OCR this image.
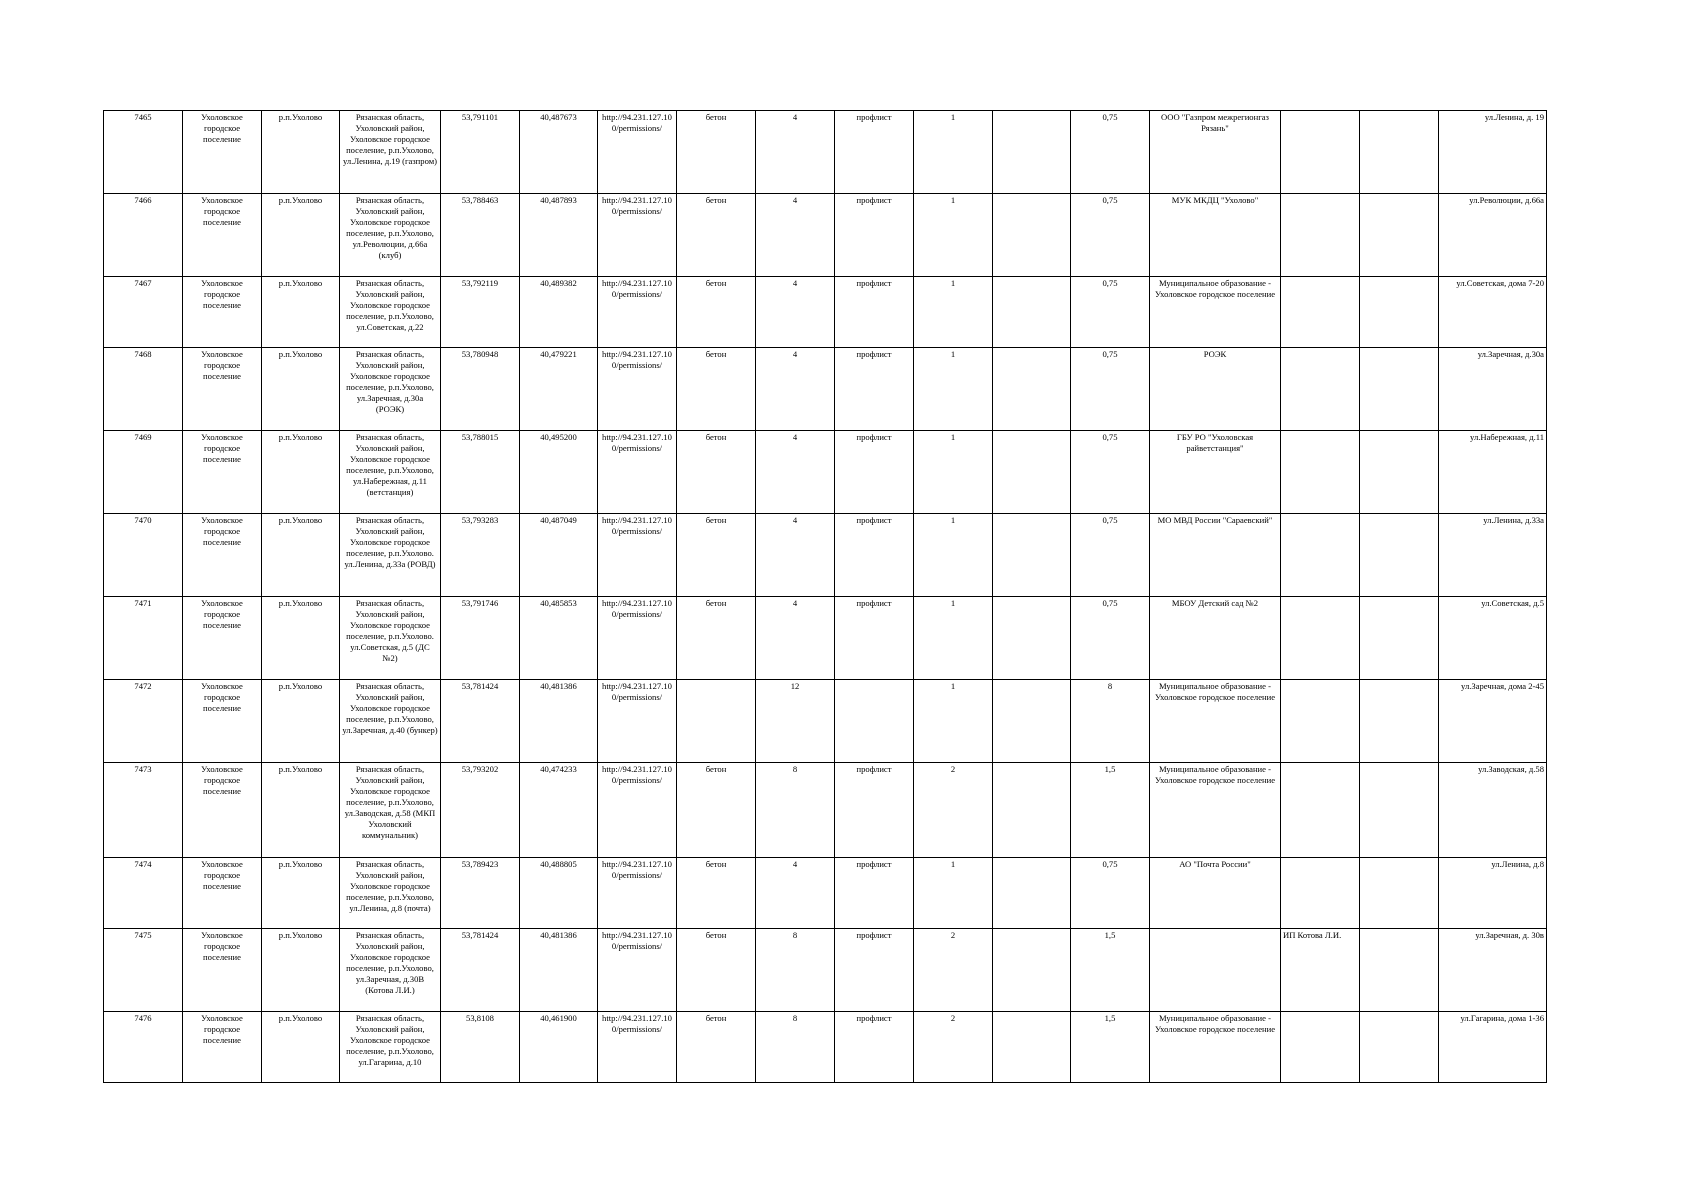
7465	Ухоловское городское поселение	р.п.Ухолово	Рязанская область, Ухоловский район, Ухоловское городское поселение, р.п.Ухолово, ул.Ленина, д.19 (газпром)	53,791101	40,487673	http://94.231.127.100/permissions/	бетон	4	профлист	1		0,75	ООО "Газпром межрегионгаз Рязань"			ул.Ленина, д. 19
7466	Ухоловское городское поселение	р.п.Ухолово	Рязанская область, Ухоловский район, Ухоловское городское поселение, р.п.Ухолово, ул.Революции, д.66а (клуб)	53,788463	40,487893	http://94.231.127.100/permissions/	бетон	4	профлист	1		0,75	МУК МКДЦ "Ухолово"			ул.Революции, д.66а
7467	Ухоловское городское поселение	р.п.Ухолово	Рязанская область, Ухоловский район, Ухоловское городское поселение, р.п.Ухолово, ул.Советская, д.22	53,792119	40,489382	http://94.231.127.100/permissions/	бетон	4	профлист	1		0,75	Муниципальное образование - Ухоловское городское поселение			ул.Советская, дома 7-20
7468	Ухоловское городское поселение	р.п.Ухолово	Рязанская область, Ухоловский район, Ухоловское городское поселение, р.п.Ухолово, ул.Заречная, д.30а (РОЭК)	53,780948	40,479221	http://94.231.127.100/permissions/	бетон	4	профлист	1		0,75	РОЭК			ул.Заречная, д.30а
7469	Ухоловское городское поселение	р.п.Ухолово	Рязанская область, Ухоловский район, Ухоловское городское поселение, р.п.Ухолово, ул.Набережная, д.11 (ветстанция)	53,788015	40,495200	http://94.231.127.100/permissions/	бетон	4	профлист	1		0,75	ГБУ РО "Ухоловская райветстанция"			ул.Набережная, д.11
7470	Ухоловское городское поселение	р.п.Ухолово	Рязанская область, Ухоловский район, Ухоловское городское поселение, р.п.Ухолово. ул.Ленина, д.33а (РОВД)	53,793283	40,487049	http://94.231.127.100/permissions/	бетон	4	профлист	1		0,75	МО МВД России "Сараевский"			ул.Ленина, д.33а
7471	Ухоловское городское поселение	р.п.Ухолово	Рязанская область, Ухоловский район, Ухоловское городское поселение, р.п.Ухолово. ул.Советская, д.5 (ДС №2)	53,791746	40,485853	http://94.231.127.100/permissions/	бетон	4	профлист	1		0,75	МБОУ Детский сад №2			ул.Советская, д.5
7472	Ухоловское городское поселение	р.п.Ухолово	Рязанская область, Ухоловский район, Ухоловское городское поселение, р.п.Ухолово, ул.Заречная, д.40 (бункер)	53,781424	40,481386	http://94.231.127.100/permissions/		12		1		8	Муниципальное образование - Ухоловское городское поселение			ул.Заречная, дома 2-45
7473	Ухоловское городское поселение	р.п.Ухолово	Рязанская область, Ухоловский район, Ухоловское городское поселение, р.п.Ухолово, ул.Заводская, д.58 (МКП Ухоловский коммунальник)	53,793202	40,474233	http://94.231.127.100/permissions/	бетон	8	профлист	2		1,5	Муниципальное образование - Ухоловское городское поселение			ул.Заводская, д.58
7474	Ухоловское городское поселение	р.п.Ухолово	Рязанская область, Ухоловский район, Ухоловское городское поселение, р.п.Ухолово, ул.Ленина, д.8 (почта)	53,789423	40,488805	http://94.231.127.100/permissions/	бетон	4	профлист	1		0,75	АО "Почта России"			ул.Ленина, д.8
7475	Ухоловское городское поселение	р.п.Ухолово	Рязанская область, Ухоловский район, Ухоловское городское поселение, р.п.Ухолово, ул.Заречная, д.30В (Котова Л.И.)	53,781424	40,481386	http://94.231.127.100/permissions/	бетон	8	профлист	2		1,5		ИП Котова Л.И.		ул.Заречная, д. 30в
7476	Ухоловское городское поселение	р.п.Ухолово	Рязанская область, Ухоловский район, Ухоловское городское поселение, р.п.Ухолово, ул.Гагарина, д.10	53,8108	40,461900	http://94.231.127.100/permissions/	бетон	8	профлист	2		1,5	Муниципальное образование - Ухоловское городское поселение			ул.Гагарина, дома 1-36
